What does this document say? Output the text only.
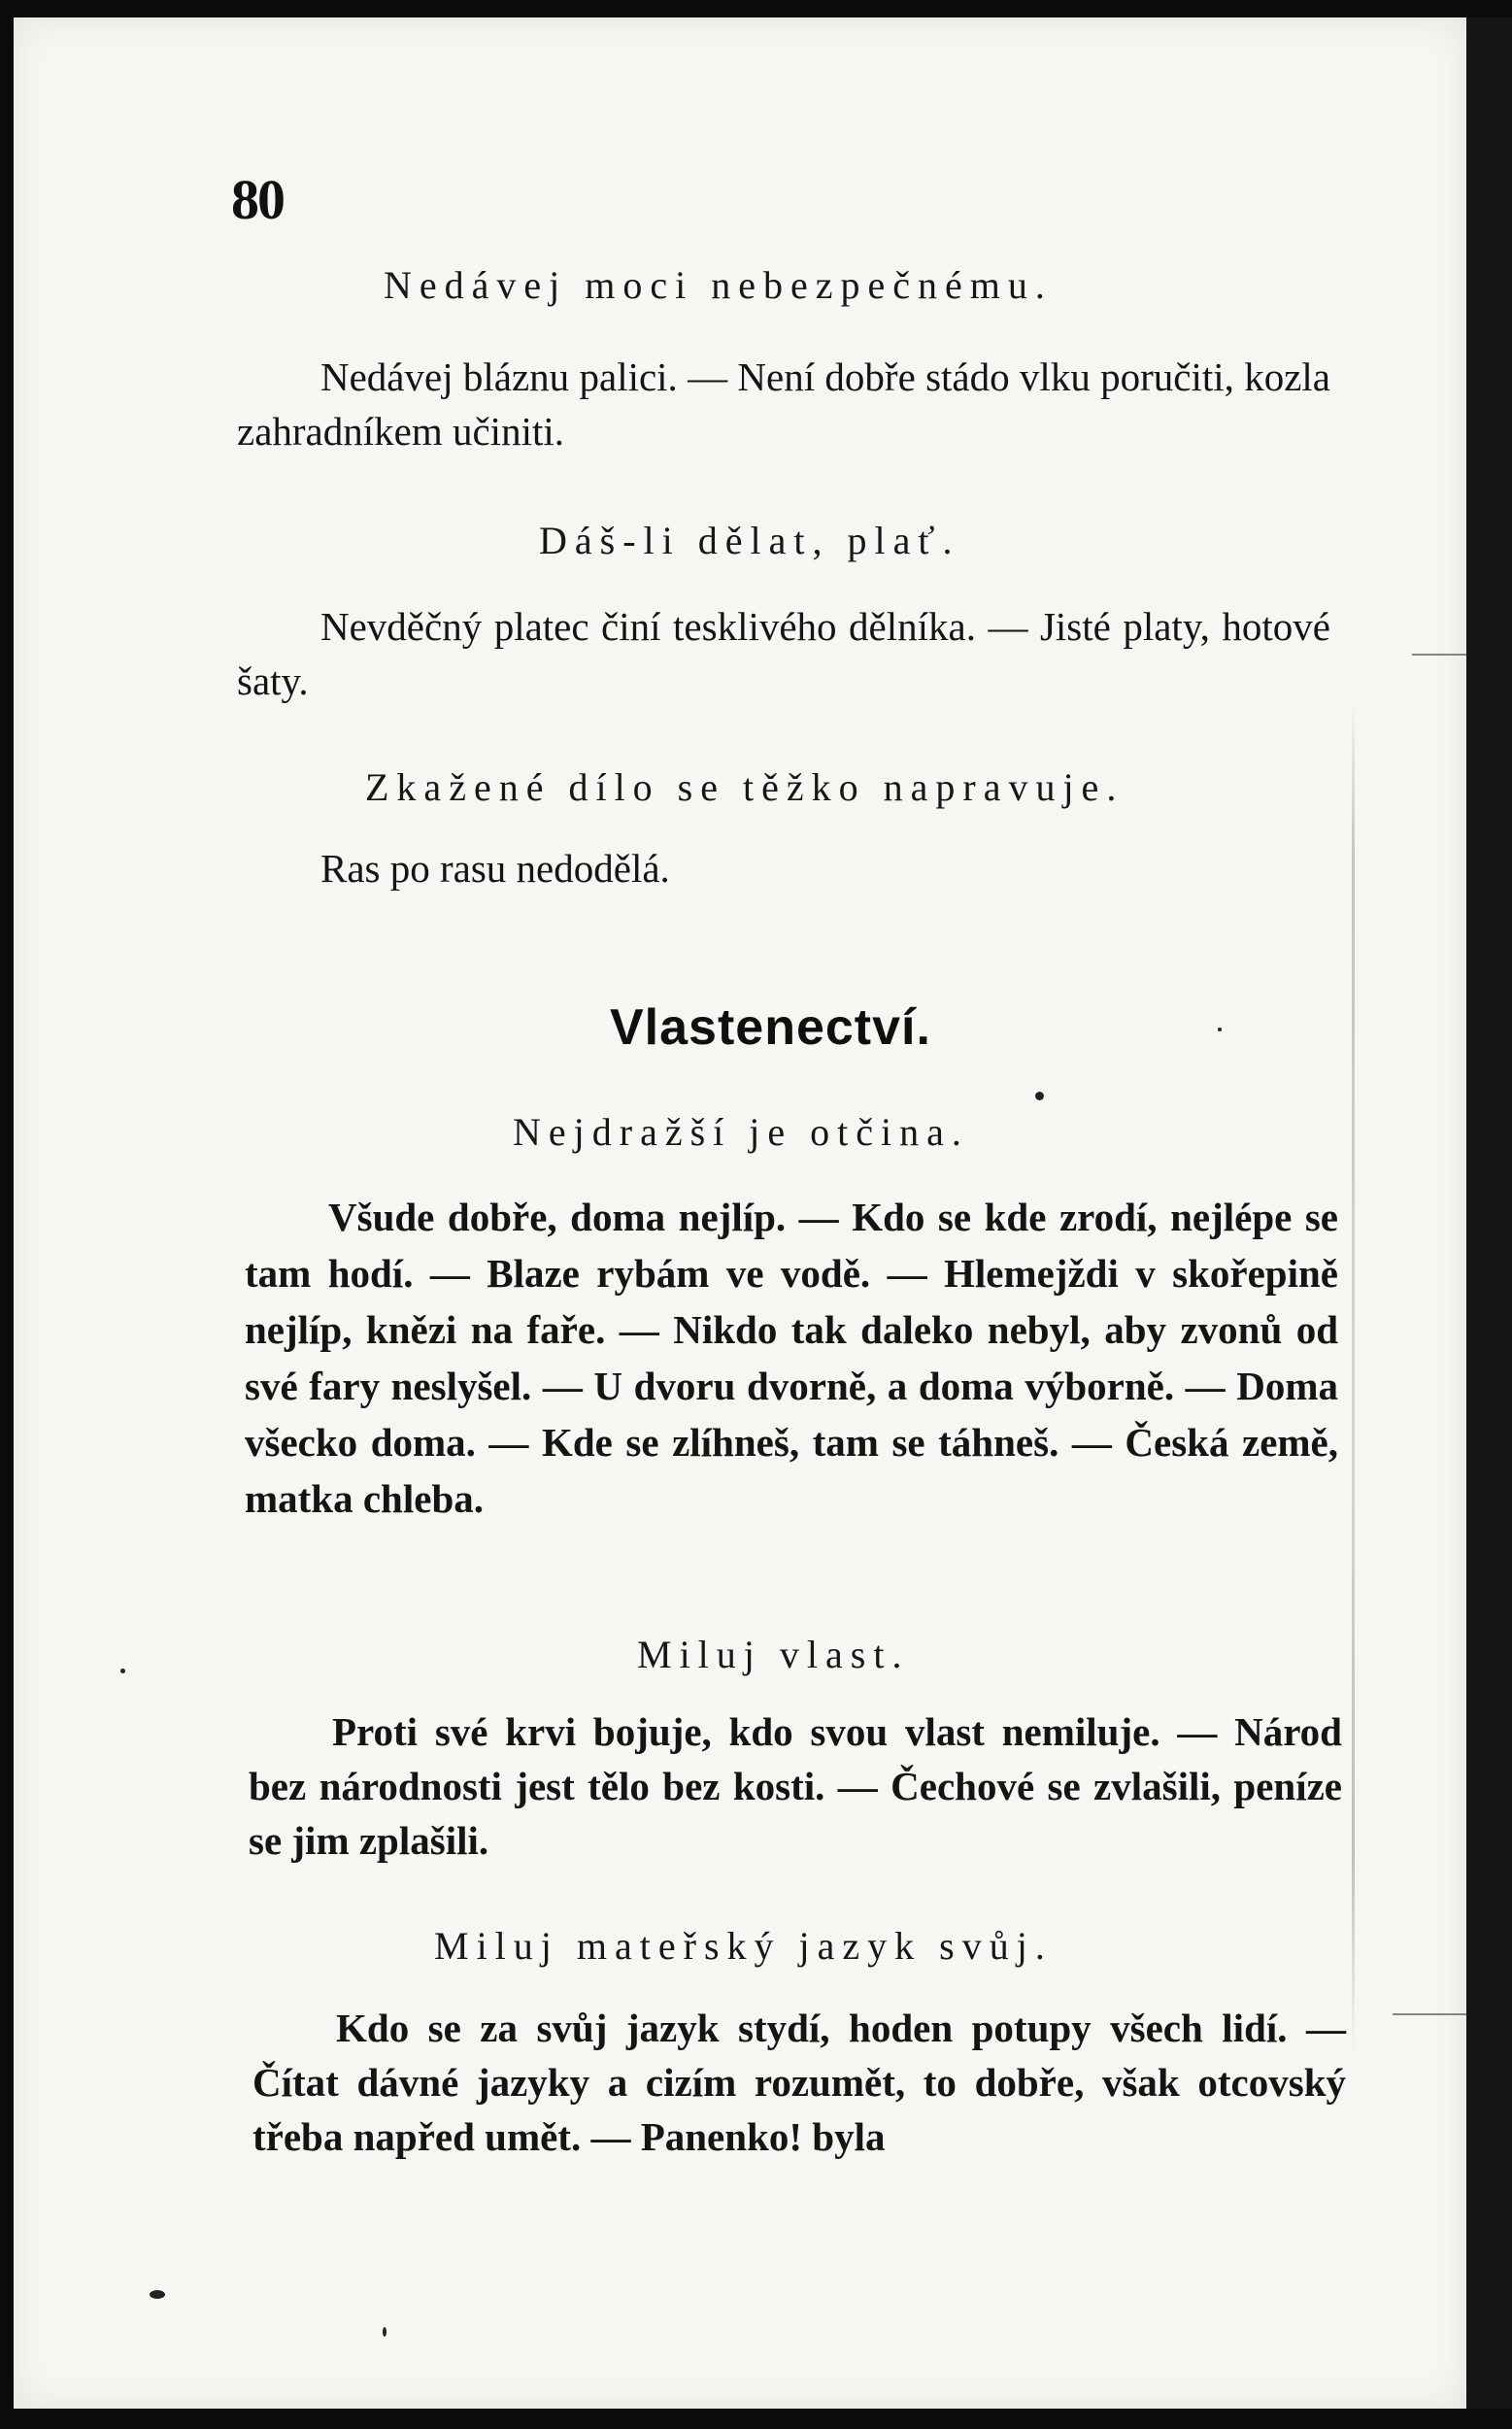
80
Nedávej moci nebezpečnému.
Nedávej bláznu palici. — Není dobře stádo vlku poručiti, kozla zahradníkem učiniti.
Dáš-li dělat, plať.
Nevděčný platec činí tesklivého dělníka. — Jisté platy, hotové šaty.
Zkažené dílo se těžko napravuje.
Ras po rasu nedodělá.
Vlastenectví.
Nejdražší je otčina.
Všude dobře, doma nejlíp. — Kdo se kde zrodí, nejlépe se tam hodí. — Blaze rybám ve vodě. — Hlemejždi v skořepině nejlíp, knězi na faře. — Nikdo tak daleko nebyl, aby zvonů od své fary neslyšel. — U dvoru dvorně, a doma výborně. — Doma všecko doma. — Kde se zlíhneš, tam se táhneš. — Česká země, matka chleba.
Miluj vlast.
Proti své krvi bojuje, kdo svou vlast nemiluje. — Národ bez národnosti jest tělo bez kosti. — Čechové se zvlašili, peníze se jim zplašili.
Miluj mateřský jazyk svůj.
Kdo se za svůj jazyk stydí, hoden potupy všech lidí. — Čítat dávné jazyky a cizím rozumět, to dobře, však otcovský třeba napřed umět. — Panenko! byla
